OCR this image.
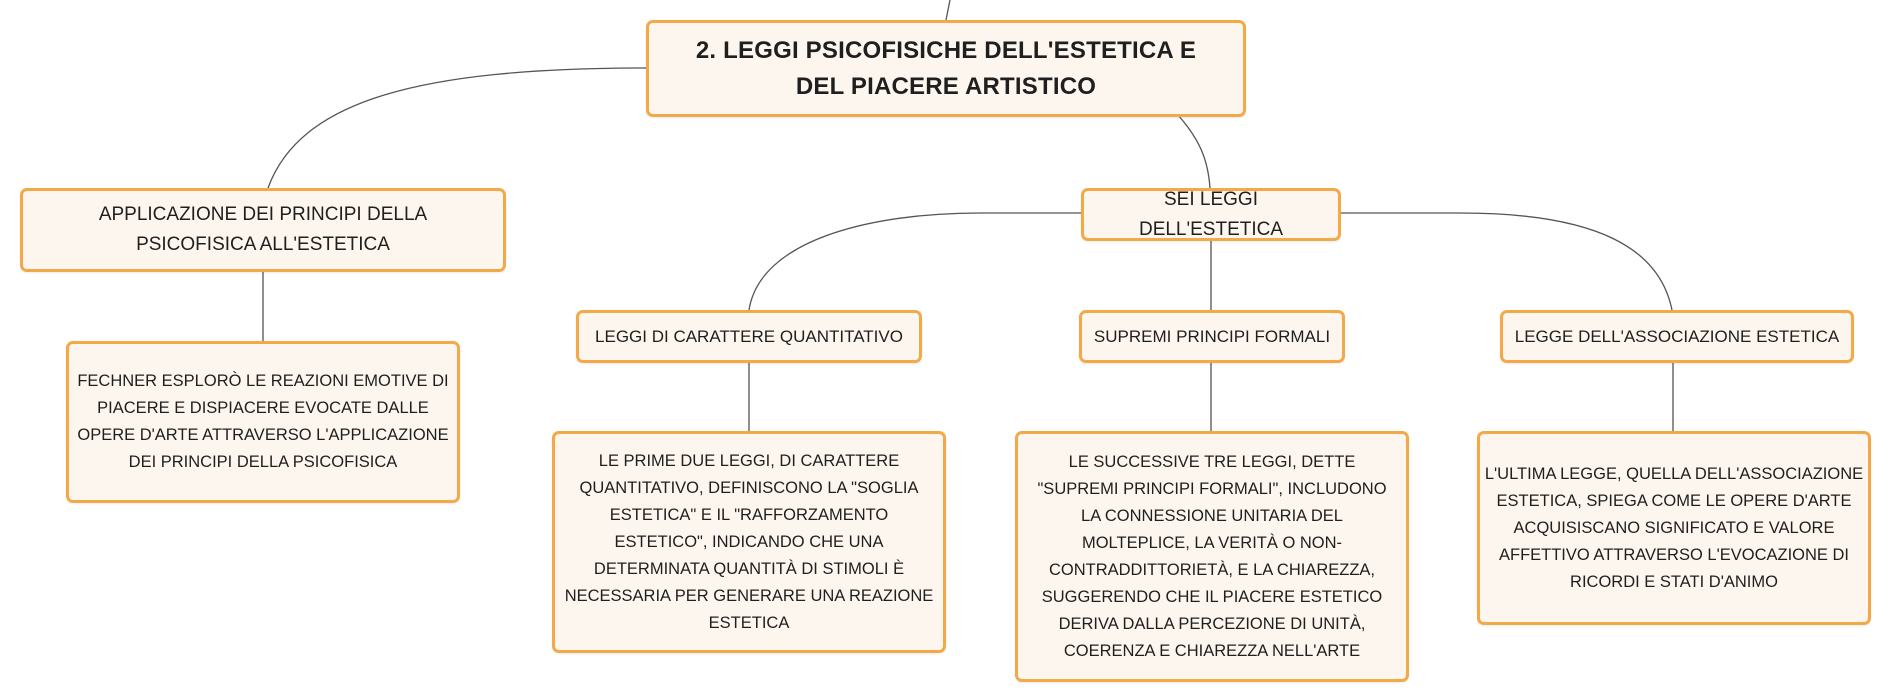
2. LEGGI PSICOFISICHE DELL'ESTETICA E DEL PIACERE ARTISTICO
APPLICAZIONE DEI PRINCIPI DELLA PSICOFISICA ALL'ESTETICA
FECHNER ESPLORÒ LE REAZIONI EMOTIVE DI PIACERE E DISPIACERE EVOCATE DALLE OPERE D'ARTE ATTRAVERSO L'APPLICAZIONE DEI PRINCIPI DELLA PSICOFISICA
SEI LEGGI DELL'ESTETICA
LEGGI DI CARATTERE QUANTITATIVO	SUPREMI PRINCIPI FORMALI	LEGGE DELL'ASSOCIAZIONE ESTETICA
LE PRIME DUE LEGGI, DI CARATTERE QUANTITATIVO, DEFINISCONO LA "SOGLIA ESTETICA" E IL "RAFFORZAMENTO ESTETICO", INDICANDO CHE UNA DETERMINATA QUANTITÀ DI STIMOLI È NECESSARIA PER GENERARE UNA REAZIONE ESTETICA
LE SUCCESSIVE TRE LEGGI, DETTE "SUPREMI PRINCIPI FORMALI", INCLUDONO LA CONNESSIONE UNITARIA DEL MOLTEPLICE, LA VERITÀ O NON-CONTRADDITTORIETÀ, E LA CHIAREZZA, SUGGERENDO CHE IL PIACERE ESTETICO DERIVA DALLA PERCEZIONE DI UNITÀ, COERENZA E CHIAREZZA NELL'ARTE
L'ULTIMA LEGGE, QUELLA DELL'ASSOCIAZIONE ESTETICA, SPIEGA COME LE OPERE D'ARTE ACQUISISCANO SIGNIFICATO E VALORE AFFETTIVO ATTRAVERSO L'EVOCAZIONE DI RICORDI E STATI D'ANIMO
